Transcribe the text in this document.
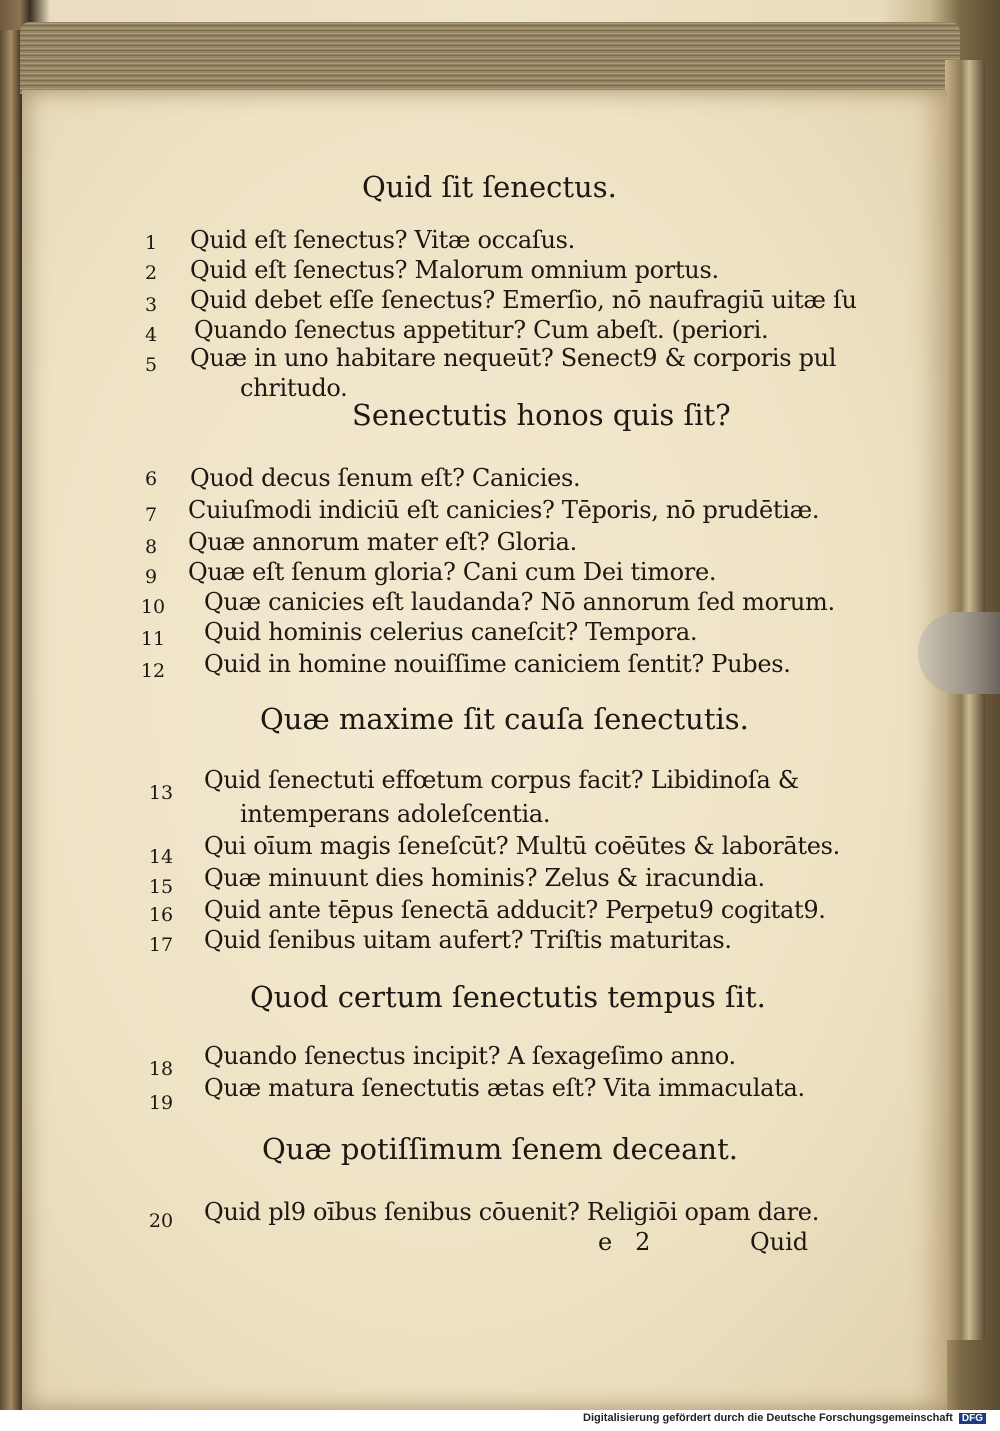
Quid ſit ſenectus.
Senectutis honos quis ſit?
Quæ maxime ſit cauſa ſenectutis.
Quod certum ſenectutis tempus ſit.
Quæ potiſſimum ſenem deceant.
1
2
3
4
5
6
7
8
9
10
11
12
13
14
15
16
17
18
19
20
Quid eſt ſenectus? Vitæ occaſus.
Quid eſt ſenectus? Malorum omnium portus.
Quid debet eſſe ſenectus? Emerſio, nō naufragiū uitæ ſu
Quando ſenectus appetitur? Cum abeſt. (periori.
Quæ in uno habitare nequeūt? Senect9 & corporis pul
chritudo.
Quod decus ſenum eſt? Canicies.
Cuiuſmodi indiciū eſt canicies? Tēporis, nō prudētiæ.
Quæ annorum mater eſt? Gloria.
Quæ eſt ſenum gloria? Cani cum Dei timore.
Quæ canicies eſt laudanda? Nō annorum ſed morum.
Quid hominis celerius caneſcit? Tempora.
Quid in homine nouiſſime caniciem ſentit? Pubes.
Quid ſenectuti effœtum corpus facit? Libidinoſa &
intemperans adoleſcentia.
Qui oīum magis ſeneſcūt? Multū coēūtes & laborātes.
Quæ minuunt dies hominis? Zelus & iracundia.
Quid ante tēpus ſenectā adducit? Perpetu9 cogitat9.
Quid ſenibus uitam aufert? Triſtis maturitas.
Quando ſenectus incipit? A ſexageſimo anno.
Quæ matura ſenectutis ætas eſt? Vita immaculata.
Quid pl9 oībus ſenibus cōuenit? Religiōi opam dare.
e   2	Quid
Digitalisierung gefördert durch die Deutsche Forschungsgemeinschaft DFG
